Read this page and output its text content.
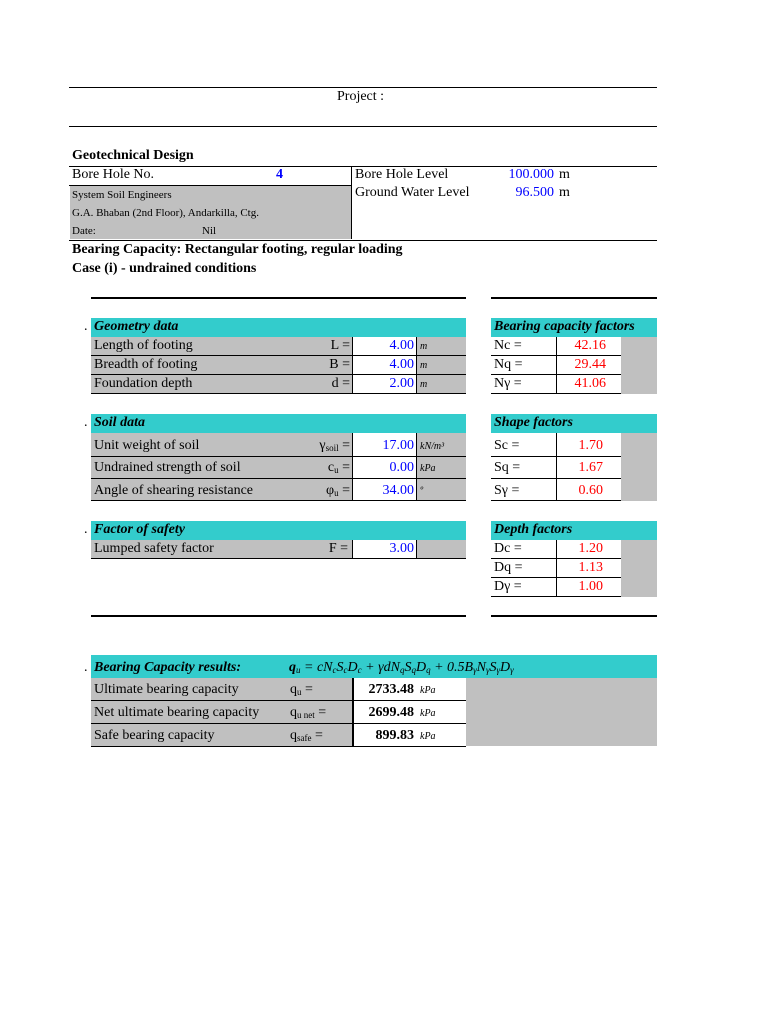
Project :
Geotechnical Design
Bore Hole No.	4	Bore Hole Level	100.000 m
Ground Water Level	96.500 m
System Soil Engineers
G.A. Bhaban (2nd Floor), Andarkilla, Ctg.
Date:	Nil
Bearing Capacity: Rectangular footing, regular loading
Case (i) - undrained conditions
. Geometry data
Length of footing	L =	4.00 m
Breadth of footing	B =	4.00 m
Foundation depth	d =	2.00 m
Bearing capacity factors
Nc =	42.16
Nq =	29.44
Nγ =	41.06
. Soil data
Unit weight of soil	$\gamma_{soil}$ =	17.00 kN/m³
Undrained strength of soil	$c_u$ =	0.00 kPa
Angle of shearing resistance	$\varphi_u$ =	34.00 º
Shape factors
Sc =	1.70
Sq =	1.67
Sγ =	0.60
. Factor of safety
Lumped safety factor	F =	3.00
Depth factors
Dc =	1.20
Dq =	1.13
Dγ =	1.00
. Bearing Capacity results:	$q_u = cN_cS_cD_c + \gamma dN_qS_qD_q + 0.5B_\gamma N_\gamma S_\gamma D_\gamma$
Ultimate bearing capacity	$q_u$ =	2733.48 kPa
Net ultimate bearing capacity $q_{u net}$ =	2699.48 kPa
Safe bearing capacity	$q_{safe}$ =	899.83 kPa
